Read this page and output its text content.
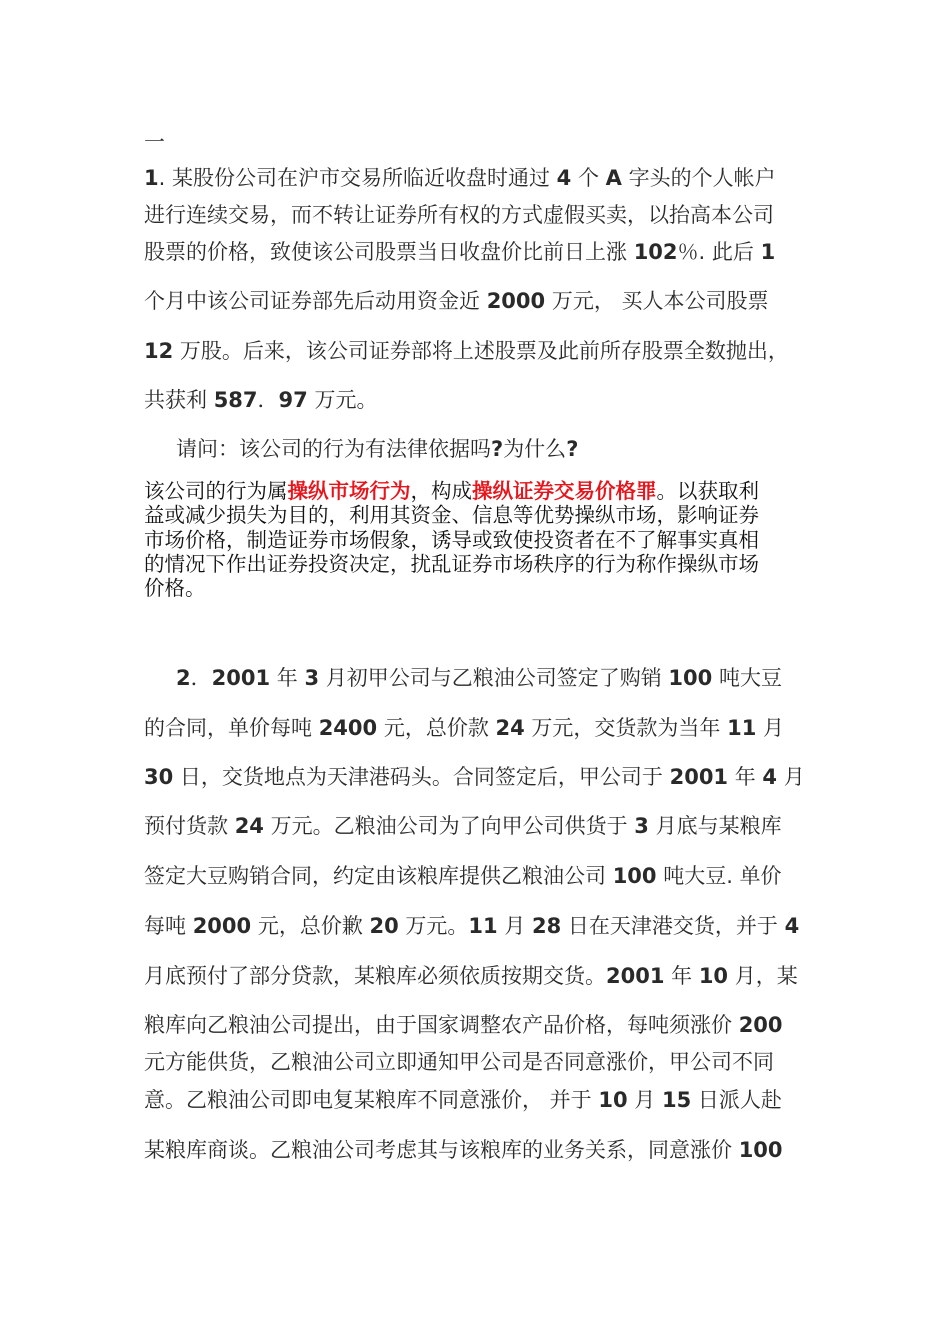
一
1. 某股份公司在沪市交易所临近收盘时通过 4 个 A 字头的个人帐户
进行连续交易，而不转让证券所有权的方式虚假买卖，以抬高本公司
股票的价格，致使该公司股票当日收盘价比前日上涨 102％. 此后 1
个月中该公司证券部先后动用资金近 2000 万元， 买人本公司股票
12 万股。后来，该公司证券部将上述股票及此前所存股票全数抛出，
共获利 587．97 万元。
请问：该公司的行为有法律依据吗?为什么?
该公司的行为属操纵市场行为，构成操纵证券交易价格罪。以获取利
益或减少损失为目的，利用其资金、信息等优势操纵市场，影响证券
市场价格，制造证券市场假象，诱导或致使投资者在不了解事实真相
的情况下作出证券投资决定，扰乱证券市场秩序的行为称作操纵市场
价格。
2．2001 年 3 月初甲公司与乙粮油公司签定了购销 100 吨大豆
的合同，单价每吨 2400 元，总价款 24 万元，交货款为当年 11 月
30 日，交货地点为天津港码头。合同签定后，甲公司于 2001 年 4 月
预付货款 24 万元。乙粮油公司为了向甲公司供货于 3 月底与某粮库
签定大豆购销合同，约定由该粮库提供乙粮油公司 100 吨大豆. 单价
每吨 2000 元，总价歉 20 万元。11 月 28 日在天津港交货，并于 4
月底预付了部分贷款，某粮库必须依质按期交货。2001 年 10 月，某
粮库向乙粮油公司提出，由于国家调整农产品价格，每吨须涨价 200
元方能供货，乙粮油公司立即通知甲公司是否同意涨价，甲公司不同
意。乙粮油公司即电复某粮库不同意涨价， 并于 10 月 15 日派人赴
某粮库商谈。乙粮油公司考虑其与该粮库的业务关系，同意涨价 100
